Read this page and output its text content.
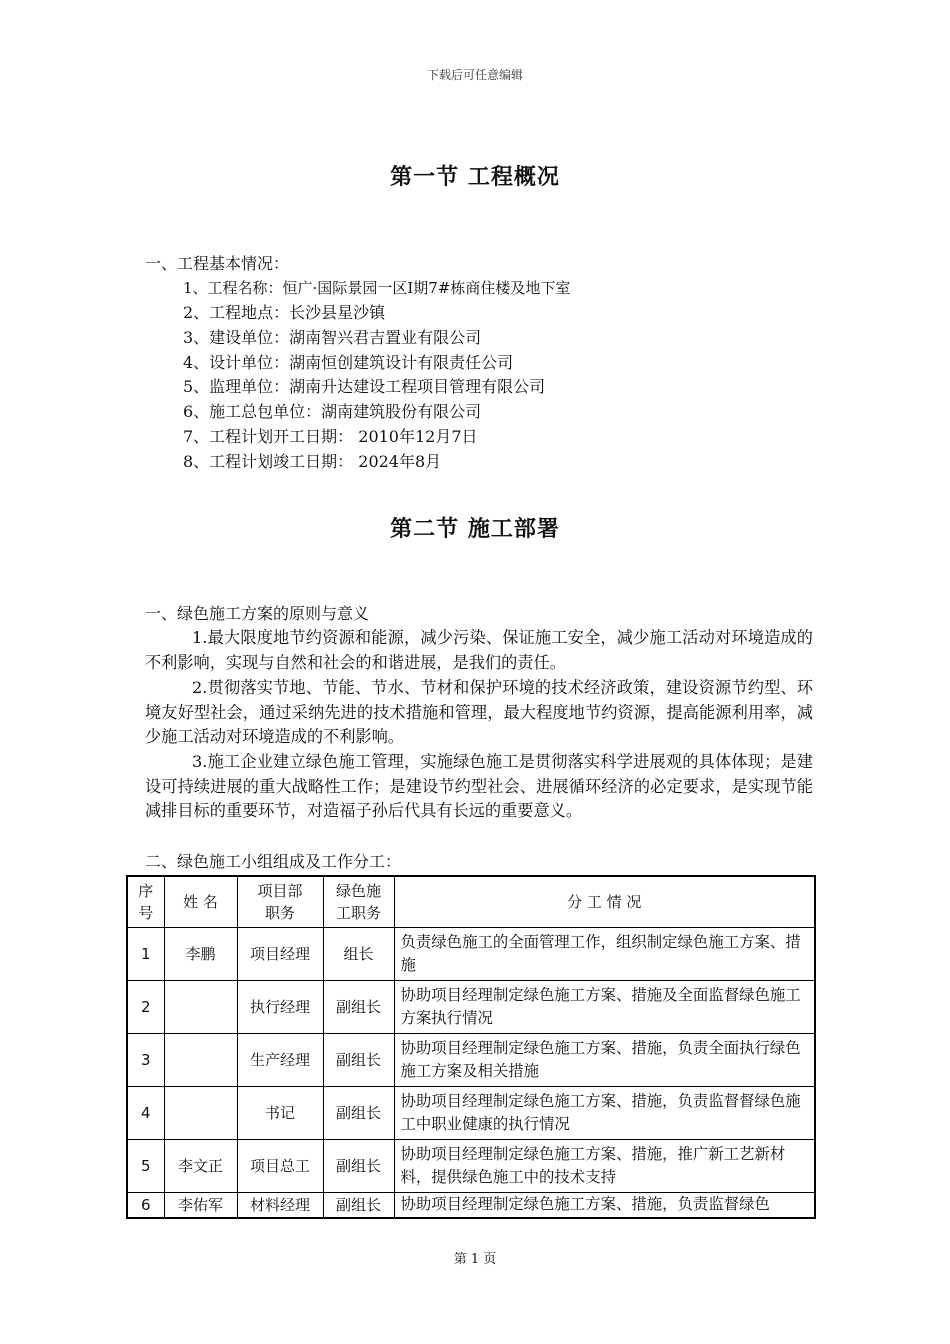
下载后可任意编辑
第一节 工程概况
一、工程基本情况：
1、工程名称：恒广·国际景园一区Ⅰ期7#栋商住楼及地下室
2、工程地点：长沙县星沙镇
3、建设单位：湖南智兴君吉置业有限公司
4、设计单位：湖南恒创建筑设计有限责任公司
5、监理单位：湖南升达建设工程项目管理有限公司
6、施工总包单位：湖南建筑股份有限公司
7、工程计划开工日期： 2010年12月7日
8、工程计划竣工日期： 2024年8月
第二节 施工部署
一、绿色施工方案的原则与意义
1.最大限度地节约资源和能源，减少污染、保证施工安全，减少施工活动对环境造成的不利影响，实现与自然和社会的和谐进展，是我们的责任。
2.贯彻落实节地、节能、节水、节材和保护环境的技术经济政策，建设资源节约型、环境友好型社会，通过采纳先进的技术措施和管理，最大程度地节约资源，提高能源利用率，减少施工活动对环境造成的不利影响。
3.施工企业建立绿色施工管理，实施绿色施工是贯彻落实科学进展观的具体体现；是建设可持续进展的重大战略性工作；是建设节约型社会、进展循环经济的必定要求，是实现节能减排目标的重要环节，对造福子孙后代具有长远的重要意义。
二、绿色施工小组组成及工作分工：
序号	姓 名	项目部职务	绿色施工职务	分 工 情 况
1	李鹏	项目经理	组长	负责绿色施工的全面管理工作，组织制定绿色施工方案、措施
2		执行经理	副组长	协助项目经理制定绿色施工方案、措施及全面监督绿色施工方案执行情况
3		生产经理	副组长	协助项目经理制定绿色施工方案、措施，负责全面执行绿色施工方案及相关措施
4		书记	副组长	协助项目经理制定绿色施工方案、措施，负责监督督绿色施工中职业健康的执行情况
5	李文正	项目总工	副组长	协助项目经理制定绿色施工方案、措施，推广新工艺新材料，提供绿色施工中的技术支持
6	李佑军	材料经理	副组长	协助项目经理制定绿色施工方案、措施，负责监督绿色
第 1 页
